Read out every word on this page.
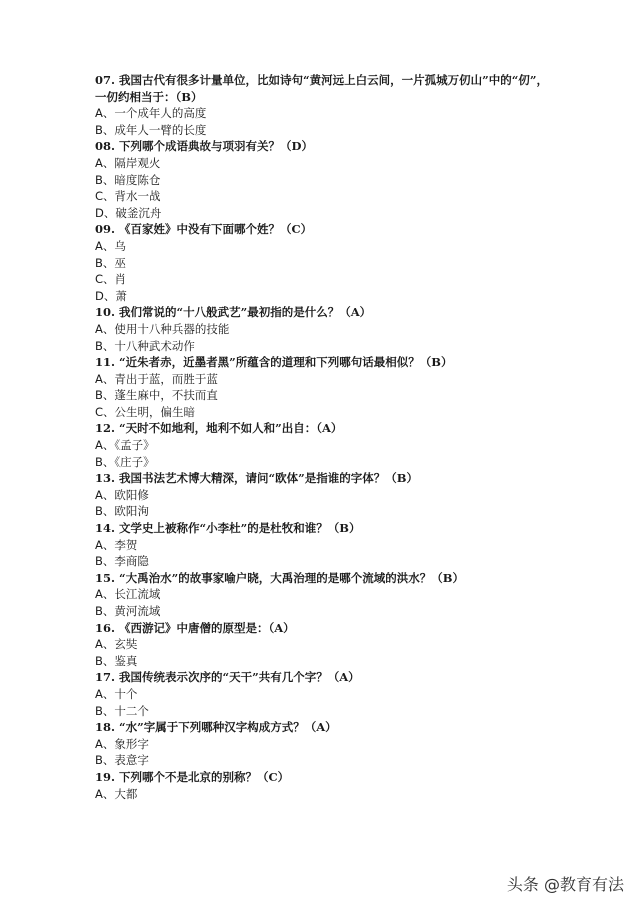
07. 我国古代有很多计量单位，比如诗句“黄河远上白云间，一片孤城万仞山”中的“仞”，一仞约相当于：（B）

A、一个成年人的高度

B、成年人一臂的长度

08. 下列哪个成语典故与项羽有关？（D）

A、隔岸观火

B、暗度陈仓

C、背水一战

D、破釜沉舟

09. 《百家姓》中没有下面哪个姓？（C）

A、乌

B、巫

C、肖

D、萧

10. 我们常说的“十八般武艺”最初指的是什么？（A）

A、使用十八种兵器的技能

B、十八种武术动作

11. “近朱者赤，近墨者黑”所蕴含的道理和下列哪句话最相似？（B）

A、青出于蓝，而胜于蓝

B、蓬生麻中，不扶而直

C、公生明，偏生暗

12. “天时不如地利，地利不如人和”出自：（A）

A、《孟子》

B、《庄子》

13. 我国书法艺术博大精深，请问“欧体”是指谁的字体？（B）

A、欧阳修

B、欧阳洵

14. 文学史上被称作“小李杜”的是杜牧和谁？（B）

A、李贺

B、李商隐

15. “大禹治水”的故事家喻户晓，大禹治理的是哪个流域的洪水？（B）

A、长江流域

B、黄河流域

16. 《西游记》中唐僧的原型是：（A）

A、玄奘

B、鉴真

17. 我国传统表示次序的“天干”共有几个字？（A）

A、十个

B、十二个

18. “水”字属于下列哪种汉字构成方式？（A）

A、象形字

B、表意字

19. 下列哪个不是北京的别称？（C）

A、大都

头条 @教育有法
